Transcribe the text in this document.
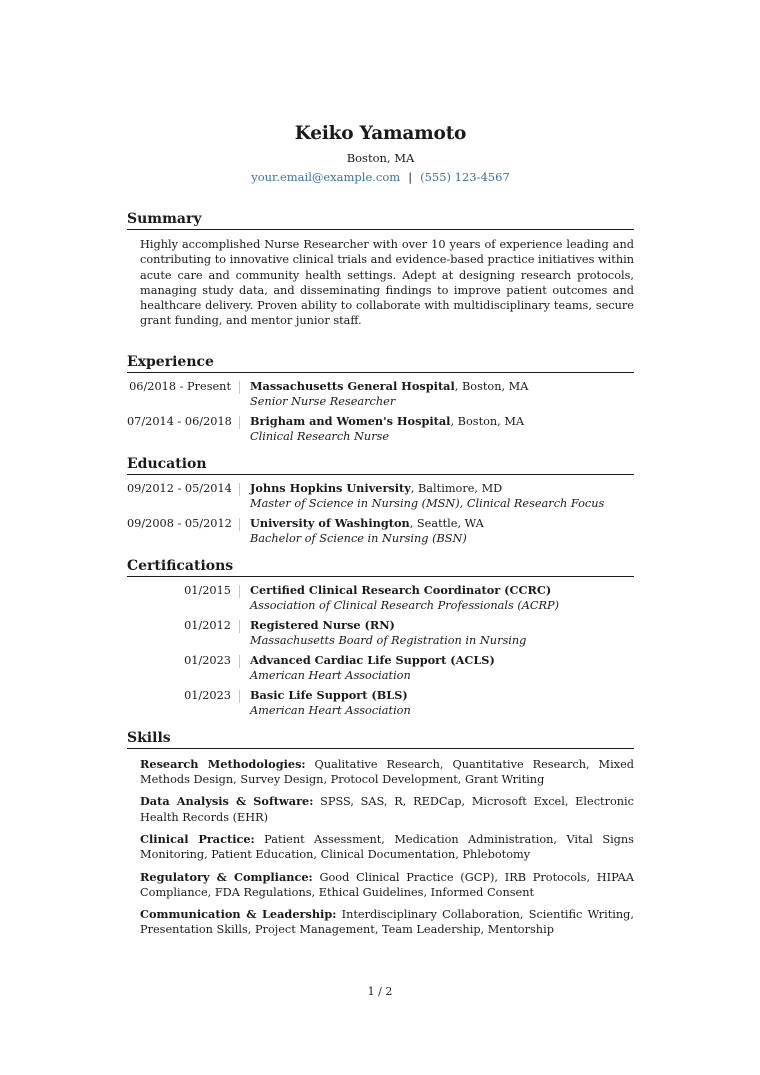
Keiko Yamamoto
Boston, MA
your.email@example.com | (555) 123-4567
Summary

Highly accomplished Nurse Researcher with over 10 years of experience leading and contributing to innovative clinical trials and evidence-based practice initiatives within acute care and community health settings. Adept at designing research protocols, managing study data, and disseminating findings to improve patient outcomes and healthcare delivery. Proven ability to collaborate with multidisciplinary teams, secure grant funding, and mentor junior staff.

Experience
06/2018 - Present	Massachusetts General Hospital, Boston, MA
Senior Nurse Researcher
07/2014 - 06/2018	Brigham and Women's Hospital, Boston, MA
Clinical Research Nurse
Education
09/2012 - 05/2014	Johns Hopkins University, Baltimore, MD
Master of Science in Nursing (MSN), Clinical Research Focus
09/2008 - 05/2012	University of Washington, Seattle, WA
Bachelor of Science in Nursing (BSN)
Certifications
01/2015	Certified Clinical Research Coordinator (CCRC)
Association of Clinical Research Professionals (ACRP)
01/2012	Registered Nurse (RN)
Massachusetts Board of Registration in Nursing
01/2023	Advanced Cardiac Life Support (ACLS)
American Heart Association
01/2023	Basic Life Support (BLS)
American Heart Association
Skills
Research Methodologies: Qualitative Research, Quantitative Research, Mixed Methods Design, Survey Design, Protocol Development, Grant Writing
Data Analysis & Software: SPSS, SAS, R, REDCap, Microsoft Excel, Electronic Health Records (EHR)
Clinical Practice: Patient Assessment, Medication Administration, Vital Signs Monitoring, Patient Education, Clinical Documentation, Phlebotomy
Regulatory & Compliance: Good Clinical Practice (GCP), IRB Protocols, HIPAA Compliance, FDA Regulations, Ethical Guidelines, Informed Consent
Communication & Leadership: Interdisciplinary Collaboration, Scientific Writing, Presentation Skills, Project Management, Team Leadership, Mentorship
1 / 2
